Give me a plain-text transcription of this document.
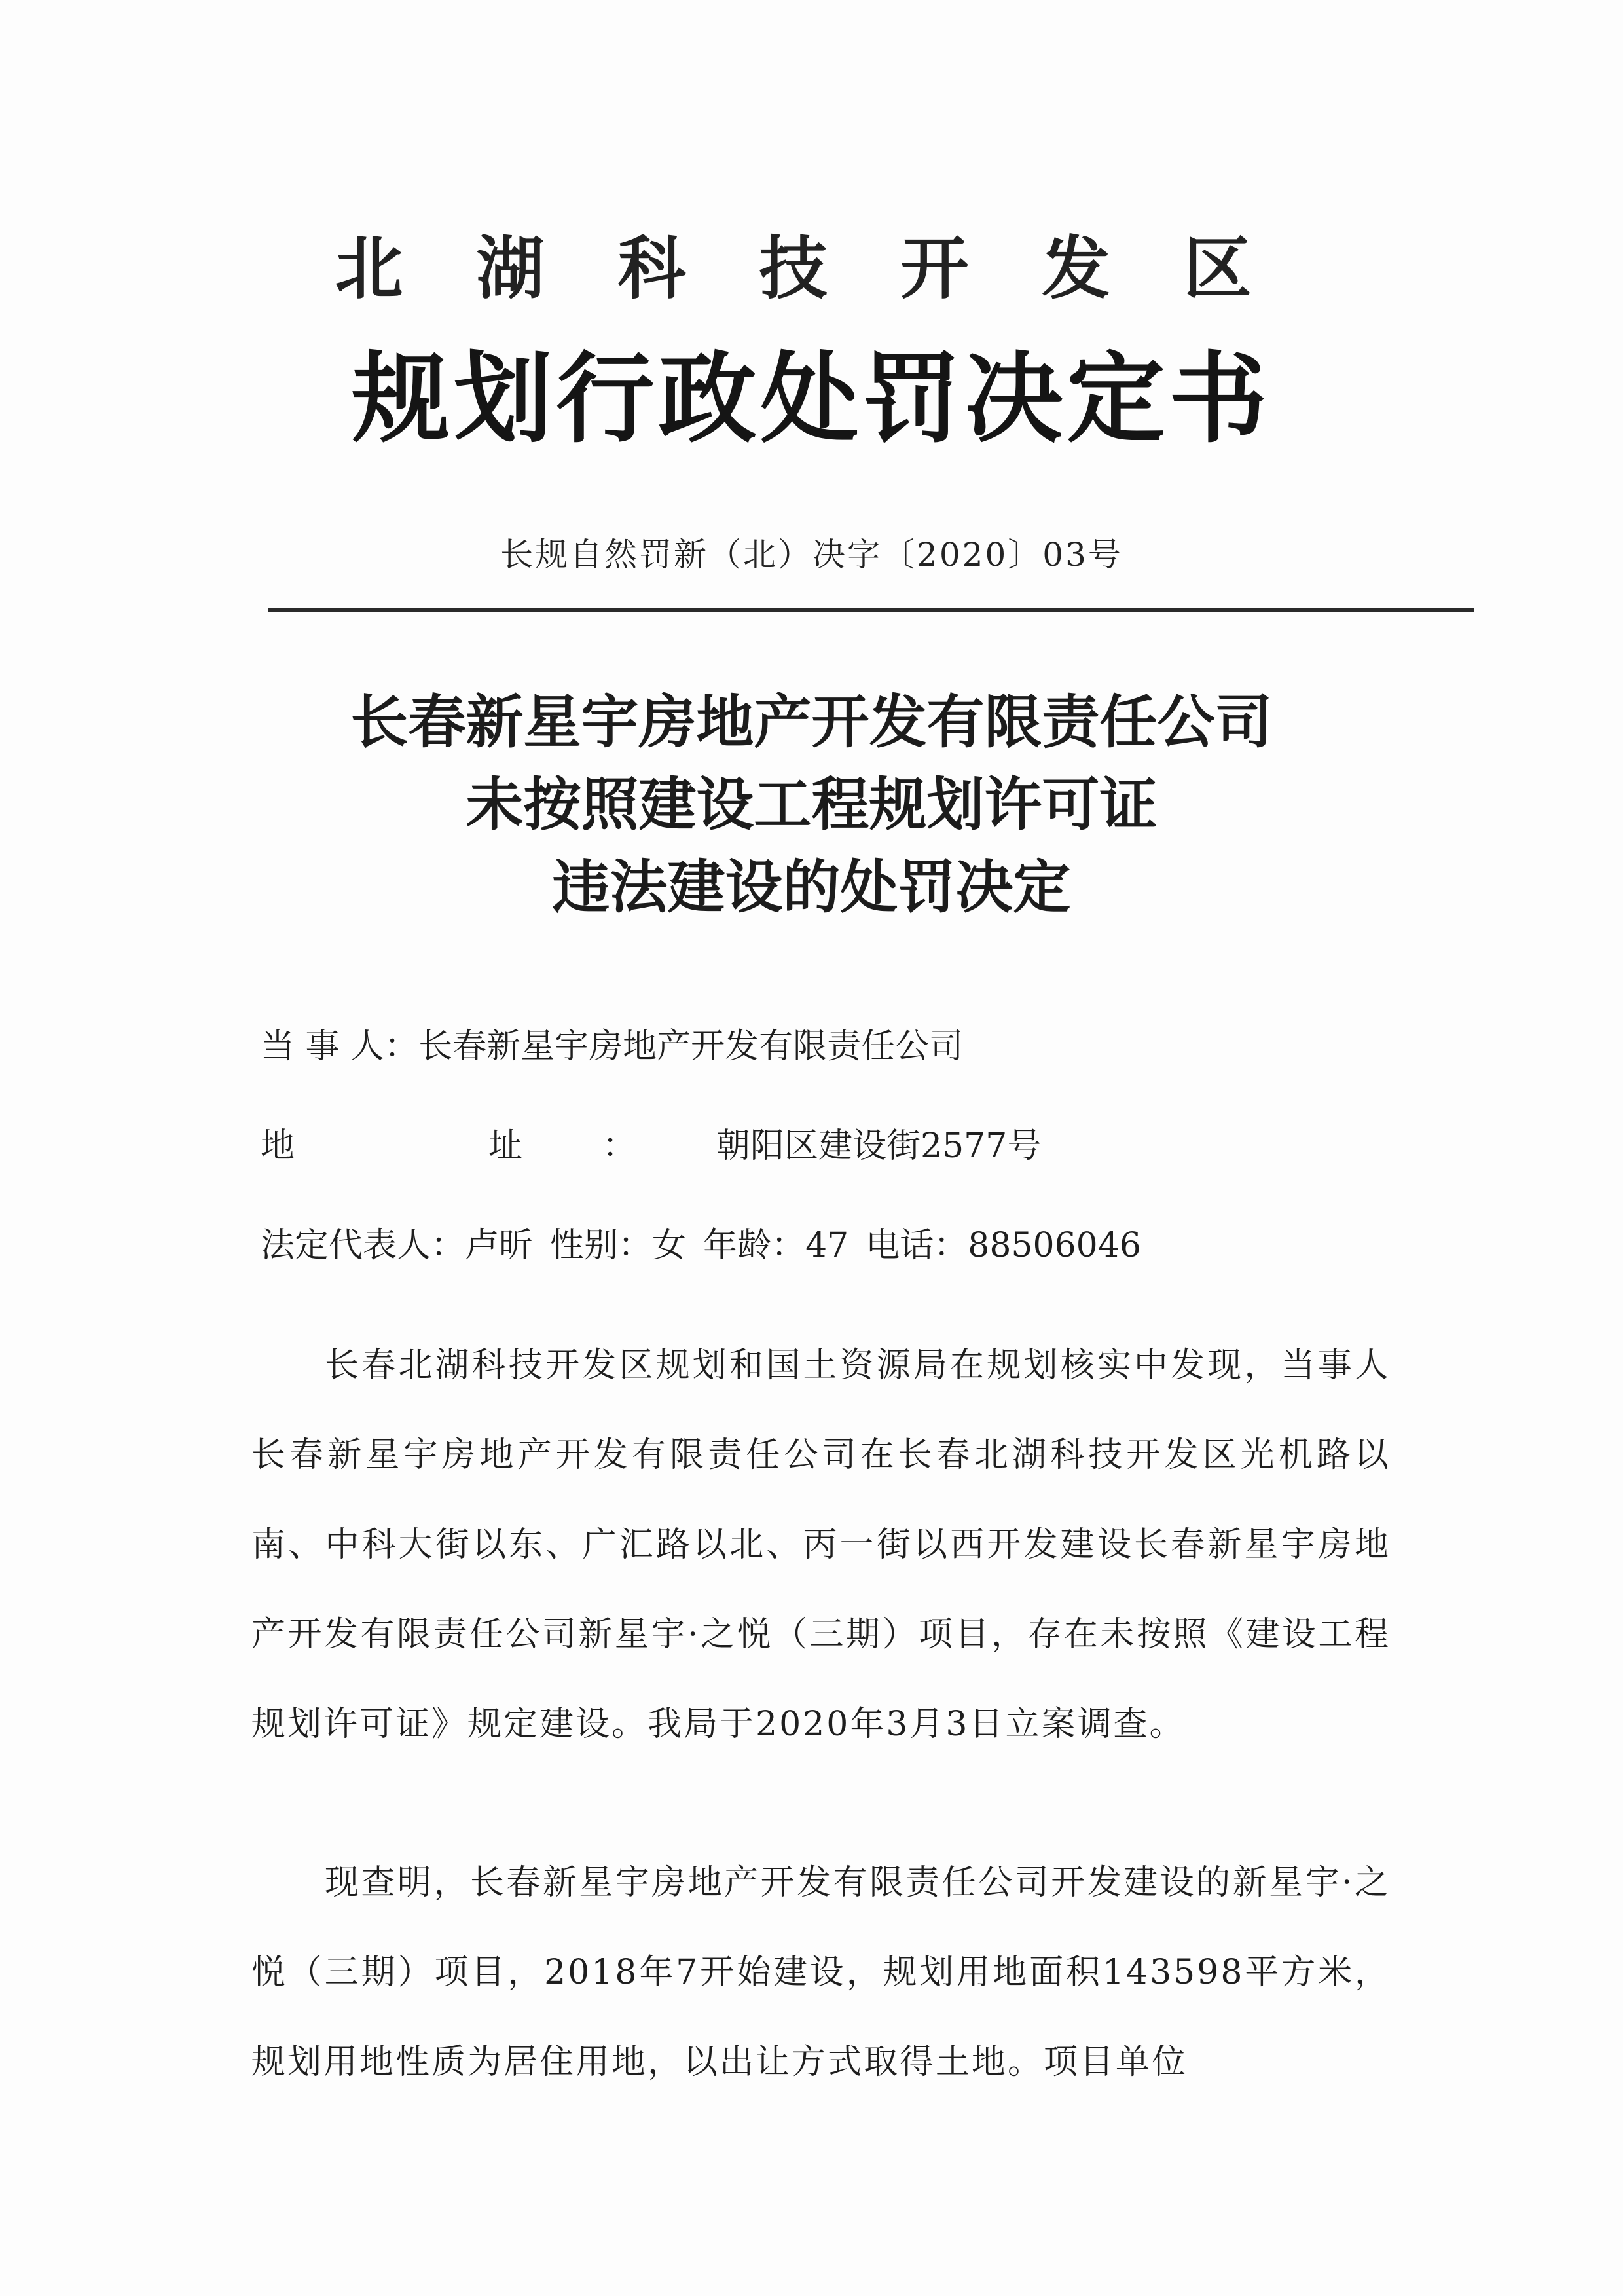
北湖科技开发区
规划行政处罚决定书
长规自然罚新（北）决字〔2020〕03号
长春新星宇房地产开发有限责任公司
未按照建设工程规划许可证
违法建设的处罚决定
当 事 人：长春新星宇房地产开发有限责任公司
地　址：朝阳区建设街2577号
法定代表人：卢昕  性别：女  年龄：47  电话：88506046

长春北湖科技开发区规划和国土资源局在规划核实中发现，当事人长春新星宇房地产开发有限责任公司在长春北湖科技开发区光机路以南、中科大街以东、广汇路以北、丙一街以西开发建设长春新星宇房地产开发有限责任公司新星宇·之悦（三期）项目，存在未按照《建设工程规划许可证》规定建设。我局于2020年3月3日立案调查。

现查明，长春新星宇房地产开发有限责任公司开发建设的新星宇·之悦（三期）项目，2018年7开始建设，规划用地面积143598平方米，规划用地性质为居住用地，以出让方式取得土地。项目单位
